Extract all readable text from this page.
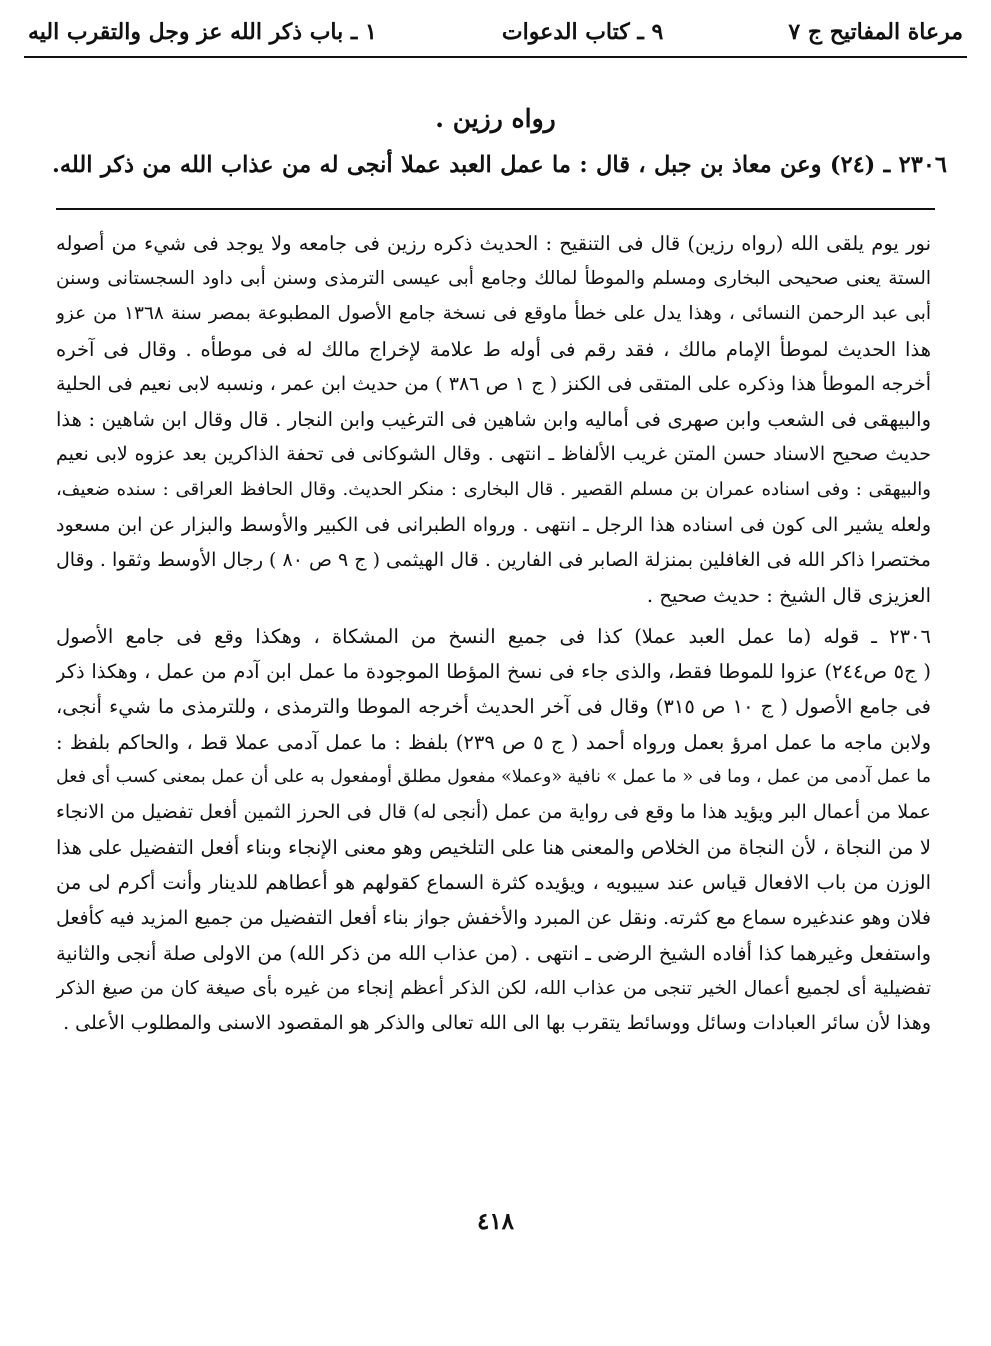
مرعاة المفاتيح ج ٧
٩ ـ كتاب الدعوات
١ ـ باب ذكر الله عز وجل والتقرب اليه
رواه رزين .
٢٣٠٦ ـ (٢٤) وعن معاذ بن جبل ، قال : ما عمل العبد عملا أنجى له من عذاب الله من ذكر الله.
نور يوم يلقى الله (رواه رزين) قال فى التنقيح : الحديث ذكره رزين فى جامعه ولا يوجد فى شيء من أصوله
الستة يعنى صحيحى البخارى ومسلم والموطأ لمالك وجامع أبى عيسى الترمذى وسنن أبى داود السجستانى وسنن
أبى عبد الرحمن النسائى ، وهذا يدل على خطأ ماوقع فى نسخة جامع الأصول المطبوعة بمصر سنة ١٣٦٨ من عزو
هذا الحديث لموطأ الإمام مالك ، فقد رقم فى أوله ط علامة لإخراج مالك له فى موطأه . وقال فى آخره
أخرجه الموطأ هذا وذكره على المتقى فى الكنز ( ج ١ ص ٣٨٦ ) من حديث ابن عمر ، ونسبه لابى نعيم فى الحلية
والبيهقى فى الشعب وابن صهرى فى أماليه وابن شاهين فى الترغيب وابن النجار . قال وقال ابن شاهين : هذا
حديث صحيح الاسناد حسن المتن غريب الألفاظ ـ انتهى . وقال الشوكانى فى تحفة الذاكرين بعد عزوه لابى نعيم
والبيهقى : وفى اسناده عمران بن مسلم القصير . قال البخارى : منكر الحديث. وقال الحافظ العراقى : سنده ضعيف،
ولعله يشير الى كون فى اسناده هذا الرجل ـ انتهى . ورواه الطبرانى فى الكبير والأوسط والبزار عن ابن مسعود
مختصرا ذاكر الله فى الغافلين بمنزلة الصابر فى الفارين . قال الهيثمى ( ج ٩ ص ٨٠ ) رجال الأوسط وثقوا . وقال
العزيزى قال الشيخ : حديث صحيح .
٢٣٠٦ ـ قوله (ما عمل العبد عملا) كذا فى جميع النسخ من المشكاة ، وهكذا وقع فى جامع الأصول
( ج٥ ص٢٤٤) عزوا للموطا فقط، والذى جاء فى نسخ المؤطا الموجودة ما عمل ابن آدم من عمل ، وهكذا ذكر
فى جامع الأصول ( ج ١٠ ص ٣١٥) وقال فى آخر الحديث أخرجه الموطا والترمذى ، وللترمذى ما شيء أنجى،
ولابن ماجه ما عمل امرؤ بعمل ورواه أحمد ( ج ٥ ص ٢٣٩) بلفظ : ما عمل آدمى عملا قط ، والحاكم بلفظ :
ما عمل آدمى من عمل ، وما فى « ما عمل » نافية «وعملا» مفعول مطلق أومفعول به على أن عمل بمعنى كسب أى فعل
عملا من أعمال البر ويؤيد هذا ما وقع فى رواية من عمل (أنجى له) قال فى الحرز الثمين أفعل تفضيل من الانجاء
لا من النجاة ، لأن النجاة من الخلاص والمعنى هنا على التلخيص وهو معنى الإنجاء وبناء أفعل التفضيل على هذا
الوزن من باب الافعال قياس عند سيبويه ، ويؤيده كثرة السماع كقولهم هو أعطاهم للدينار وأنت أكرم لى من
فلان وهو عندغيره سماع مع كثرته. ونقل عن المبرد والأخفش جواز بناء أفعل التفضيل من جميع المزيد فيه كأفعل
واستفعل وغيرهما كذا أفاده الشيخ الرضى ـ انتهى . (من عذاب الله من ذكر الله) من الاولى صلة أنجى والثانية
تفضيلية أى لجميع أعمال الخير تنجى من عذاب الله، لكن الذكر أعظم إنجاء من غيره بأى صيغة كان من صيغ الذكر
وهذا لأن سائر العبادات وسائل ووسائط يتقرب بها الى الله تعالى والذكر هو المقصود الاسنى والمطلوب الأعلى .
٤١٨
